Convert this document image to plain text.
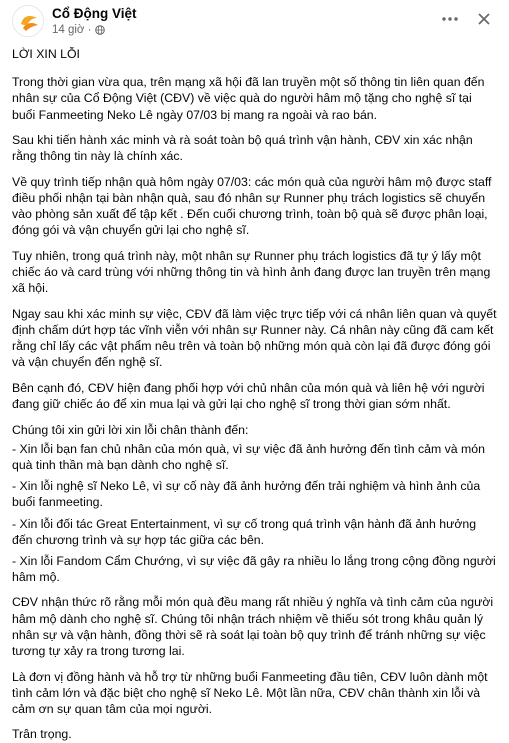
Cổ Động Việt
14 giờ ·

LỜI XIN LỖI

Trong thời gian vừa qua, trên mạng xã hội đã lan truyền một số thông tin liên quan đến nhân sự của Cổ Động Việt (CĐV) về việc quà do người hâm mộ tặng cho nghệ sĩ tại buổi Fanmeeting Neko Lê ngày 07/03 bị mang ra ngoài và rao bán.

Sau khi tiến hành xác minh và rà soát toàn bộ quá trình vận hành, CĐV xin xác nhận rằng thông tin này là chính xác.

Về quy trình tiếp nhận quà hôm ngày 07/03: các món quà của người hâm mộ được staff điều phối nhận tại bàn nhận quà, sau đó nhân sự Runner phụ trách logistics sẽ chuyển vào phòng sản xuất để tập kết . Đến cuối chương trình, toàn bộ quà sẽ được phân loại, đóng gói và vận chuyển gửi lại cho nghệ sĩ.

Tuy nhiên, trong quá trình này, một nhân sự Runner phụ trách logistics đã tự ý lấy một chiếc áo và card trùng với những thông tin và hình ảnh đang được lan truyền trên mạng xã hội.

Ngay sau khi xác minh sự việc, CĐV đã làm việc trực tiếp với cá nhân liên quan và quyết định chấm dứt hợp tác vĩnh viễn với nhân sự Runner này. Cá nhân này cũng đã cam kết rằng chỉ lấy các vật phẩm nêu trên và toàn bộ những món quà còn lại đã được đóng gói và vận chuyển đến nghệ sĩ.

Bên cạnh đó, CĐV hiện đang phối hợp với chủ nhân của món quà và liên hệ với người đang giữ chiếc áo để xin mua lại và gửi lại cho nghệ sĩ trong thời gian sớm nhất.

Chúng tôi xin gửi lời xin lỗi chân thành đến:

- Xin lỗi bạn fan chủ nhân của món quà, vì sự việc đã ảnh hưởng đến tình cảm và món quà tinh thần mà bạn dành cho nghệ sĩ.

- Xin lỗi nghệ sĩ Neko Lê, vì sự cố này đã ảnh hưởng đến trải nghiệm và hình ảnh của buổi fanmeeting.

- Xin lỗi đối tác Great Entertainment, vì sự cố trong quá trình vận hành đã ảnh hưởng đến chương trình và sự hợp tác giữa các bên.

- Xin lỗi Fandom Cẩm Chướng, vì sự việc đã gây ra nhiều lo lắng trong cộng đồng người hâm mộ.

CĐV nhận thức rõ rằng mỗi món quà đều mang rất nhiều ý nghĩa và tình cảm của người hâm mộ dành cho nghệ sĩ. Chúng tôi nhận trách nhiệm về thiếu sót trong khâu quản lý nhân sự và vận hành, đồng thời sẽ rà soát lại toàn bộ quy trình để tránh những sự việc tương tự xảy ra trong tương lai.

Là đơn vị đồng hành và hỗ trợ từ những buổi Fanmeeting đầu tiên, CĐV luôn dành một tình cảm lớn và đặc biệt cho nghệ sĩ Neko Lê. Một lần nữa, CĐV chân thành xin lỗi và cảm ơn sự quan tâm của mọi người.

Trân trọng.
